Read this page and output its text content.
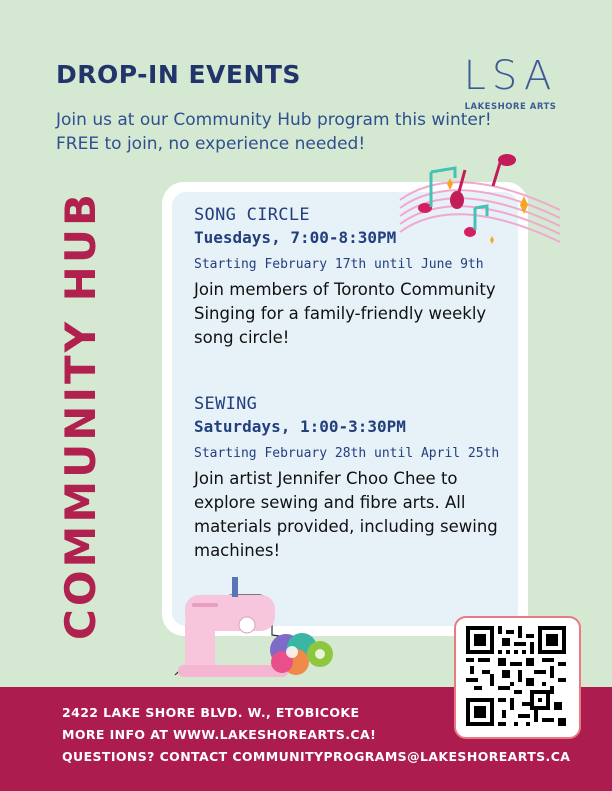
DROP-IN EVENTS
Join us at our Community Hub program this winter! FREE to join, no experience needed!
LSA
LAKESHORE ARTS
COMMUNITY HUB	SONG CIRCLE
Tuesdays, 7:00-8:30PM
Starting February 17th until June 9th
Join members of Toronto Community Singing for a family-friendly weekly song circle!
SEWING
Saturdays, 1:00-3:30PM
Starting February 28th until April 25th
Join artist Jennifer Choo Chee to explore sewing and fibre arts. All materials provided, including sewing machines!
2422 LAKE SHORE BLVD. W., ETOBICOKE
MORE INFO AT WWW.LAKESHOREARTS.CA!
QUESTIONS? CONTACT COMMUNITYPROGRAMS@LAKESHOREARTS.CA
